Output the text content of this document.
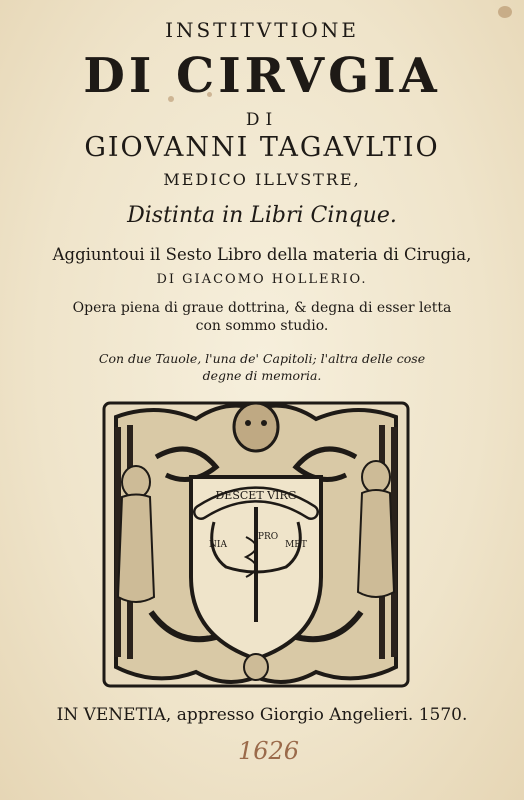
INSTITVTIONE
DI CIRVGIA
DI
GIOVANNI TAGAVLTIO
MEDICO ILLVSTRE,
Distinta in Libri Cinque.
Aggiuntoui il Sesto Libro della materia di Cirugia,
DI GIACOMO HOLLERIO.
Opera piena di graue dottrina, & degna di esser letta
con sommo studio.
Con due Tauole, l'una de' Capitoli; l'altra delle cose
degne di memoria.
DESCET VIRG
NIA
PRO
MET
IN VENETIA, appresso Giorgio Angelieri. 1570.
1626
